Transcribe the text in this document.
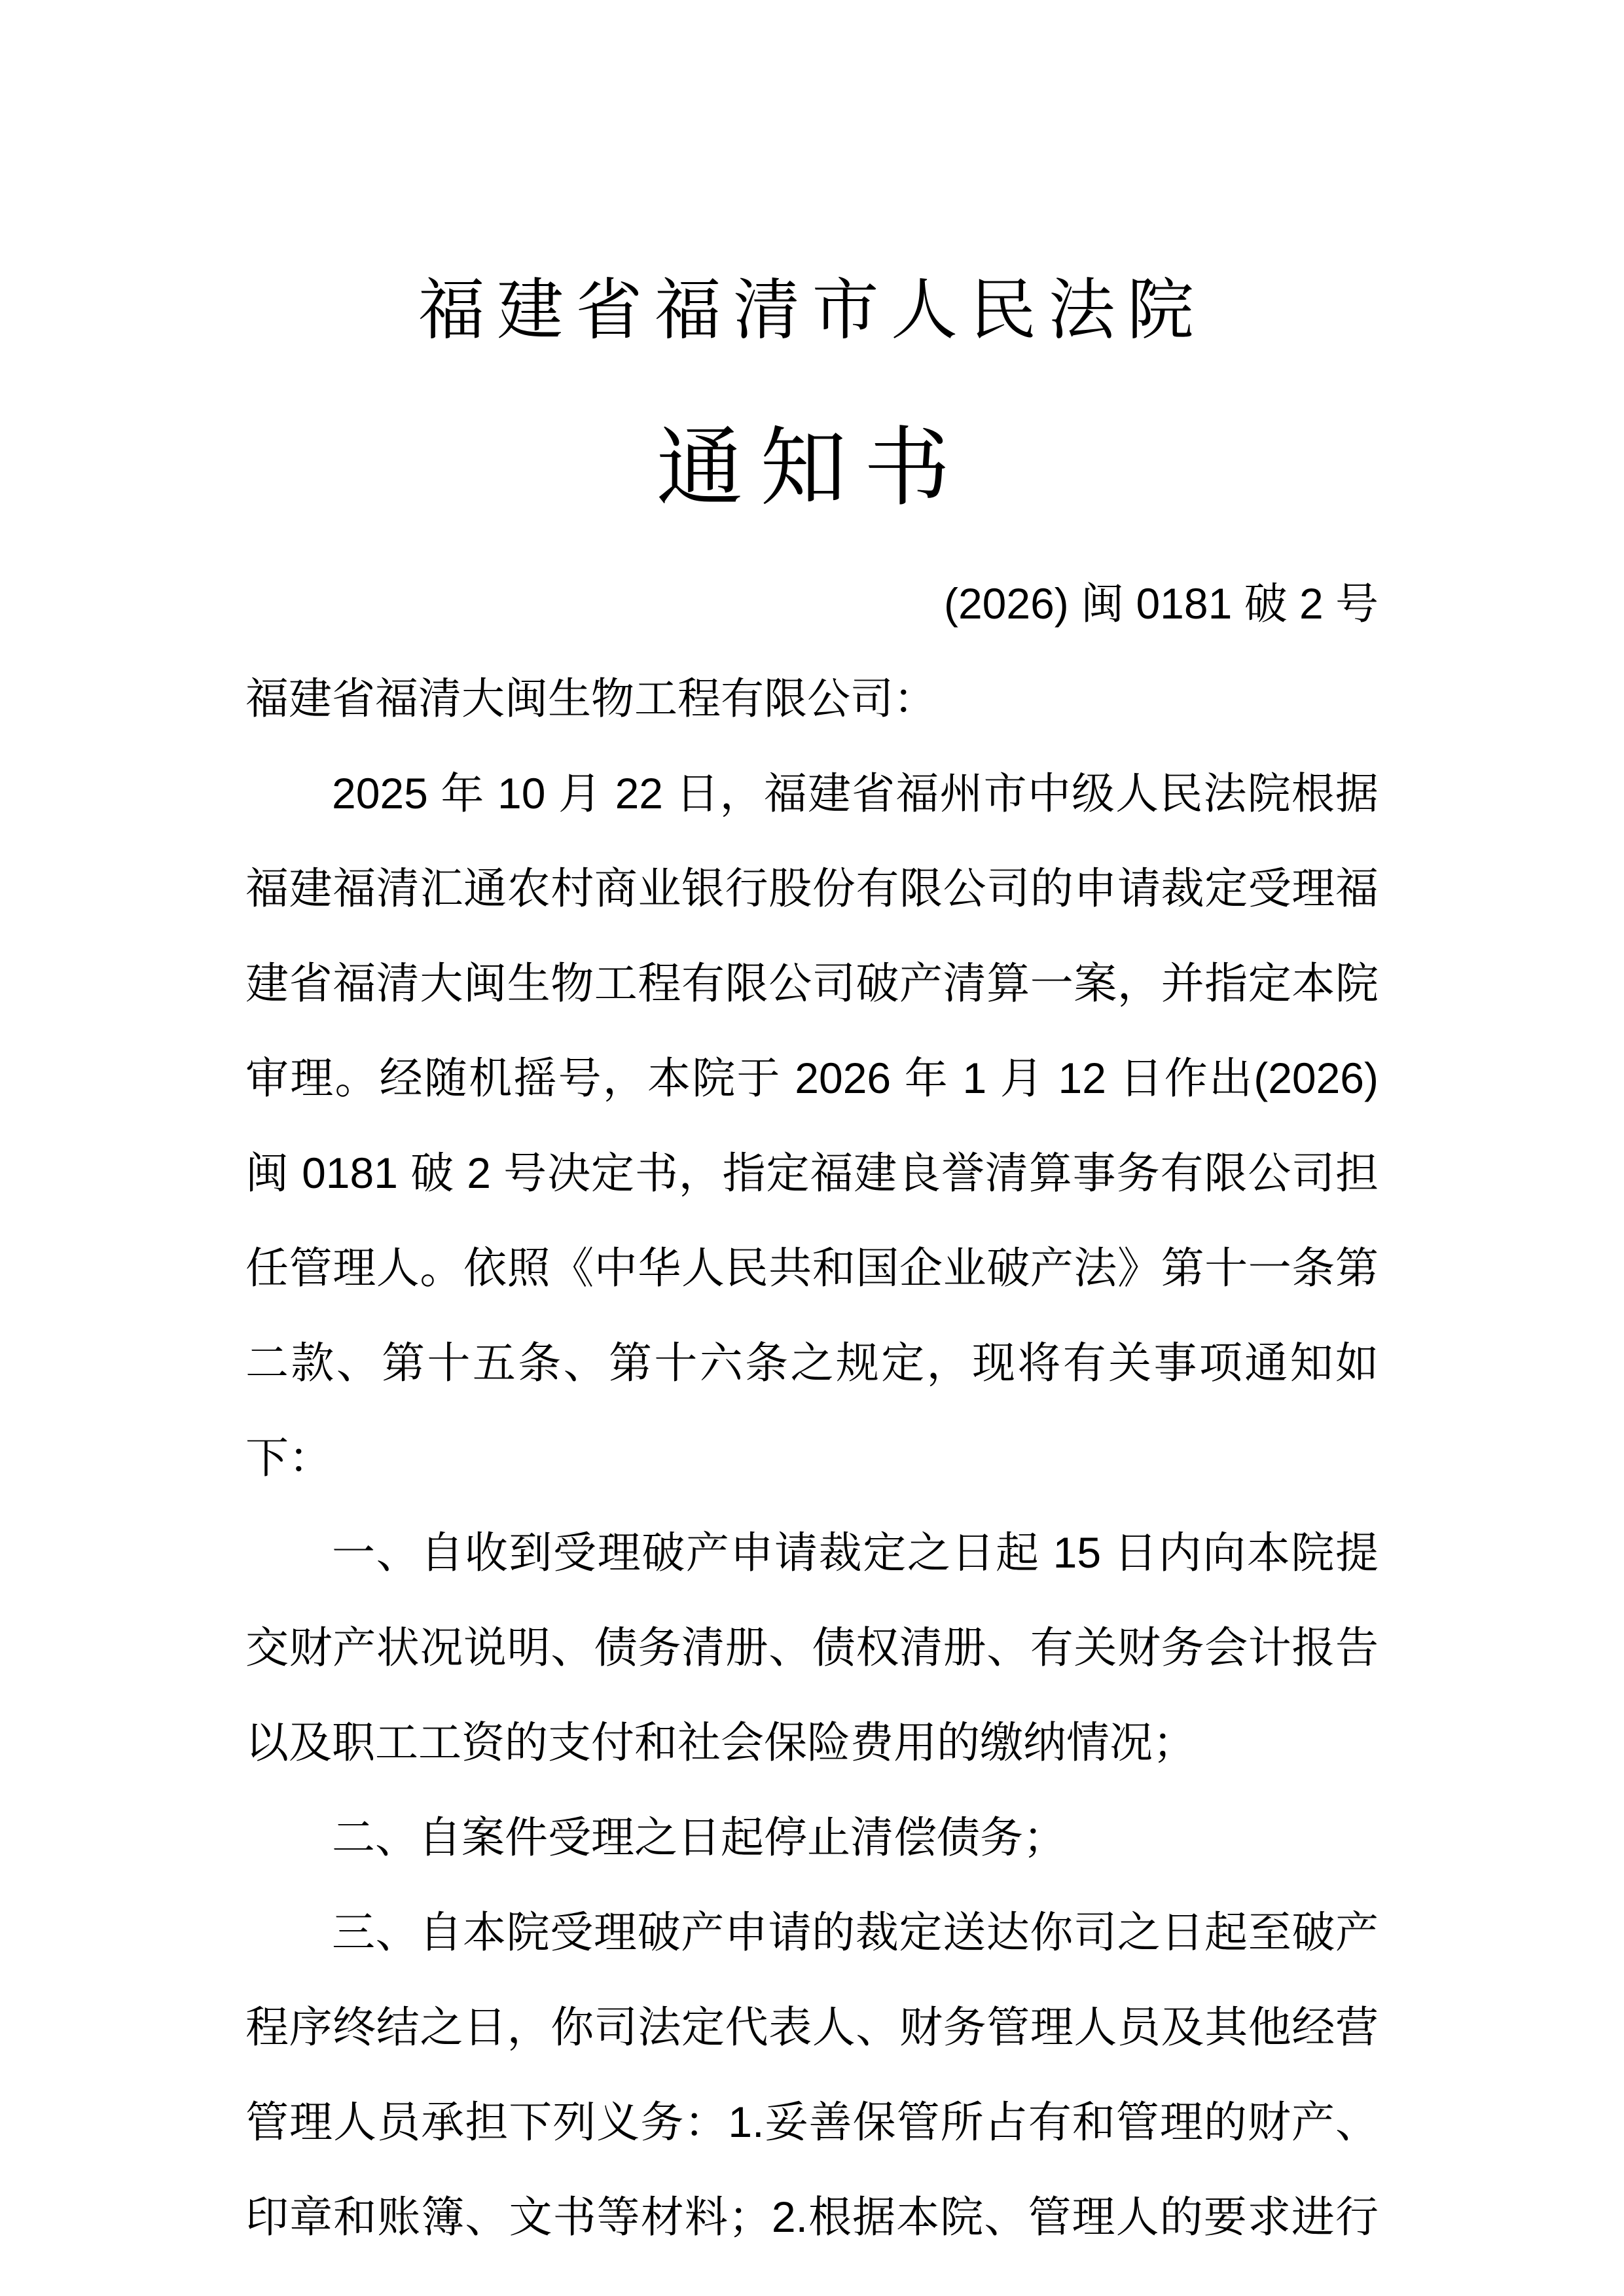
福建省福清市人民法院
通知书

(2026) 闽 0181 破 2 号

福建省福清大闽生物工程有限公司：

2025 年 10 月 22 日，福建省福州市中级人民法院根据福建福清汇通农村商业银行股份有限公司的申请裁定受理福建省福清大闽生物工程有限公司破产清算一案，并指定本院审理。经随机摇号，本院于 2026 年 1 月 12 日作出(2026)闽 0181 破 2 号决定书，指定福建良誉清算事务有限公司担任管理人。依照《中华人民共和国企业破产法》第十一条第二款、第十五条、第十六条之规定，现将有关事项通知如下：

一、自收到受理破产申请裁定之日起 15 日内向本院提交财产状况说明、债务清册、债权清册、有关财务会计报告以及职工工资的支付和社会保险费用的缴纳情况；

二、自案件受理之日起停止清偿债务；

三、自本院受理破产申请的裁定送达你司之日起至破产程序终结之日，你司法定代表人、财务管理人员及其他经营管理人员承担下列义务：1.妥善保管所占有和管理的财产、印章和账簿、文书等材料；2.根据本院、管理人的要求进行
